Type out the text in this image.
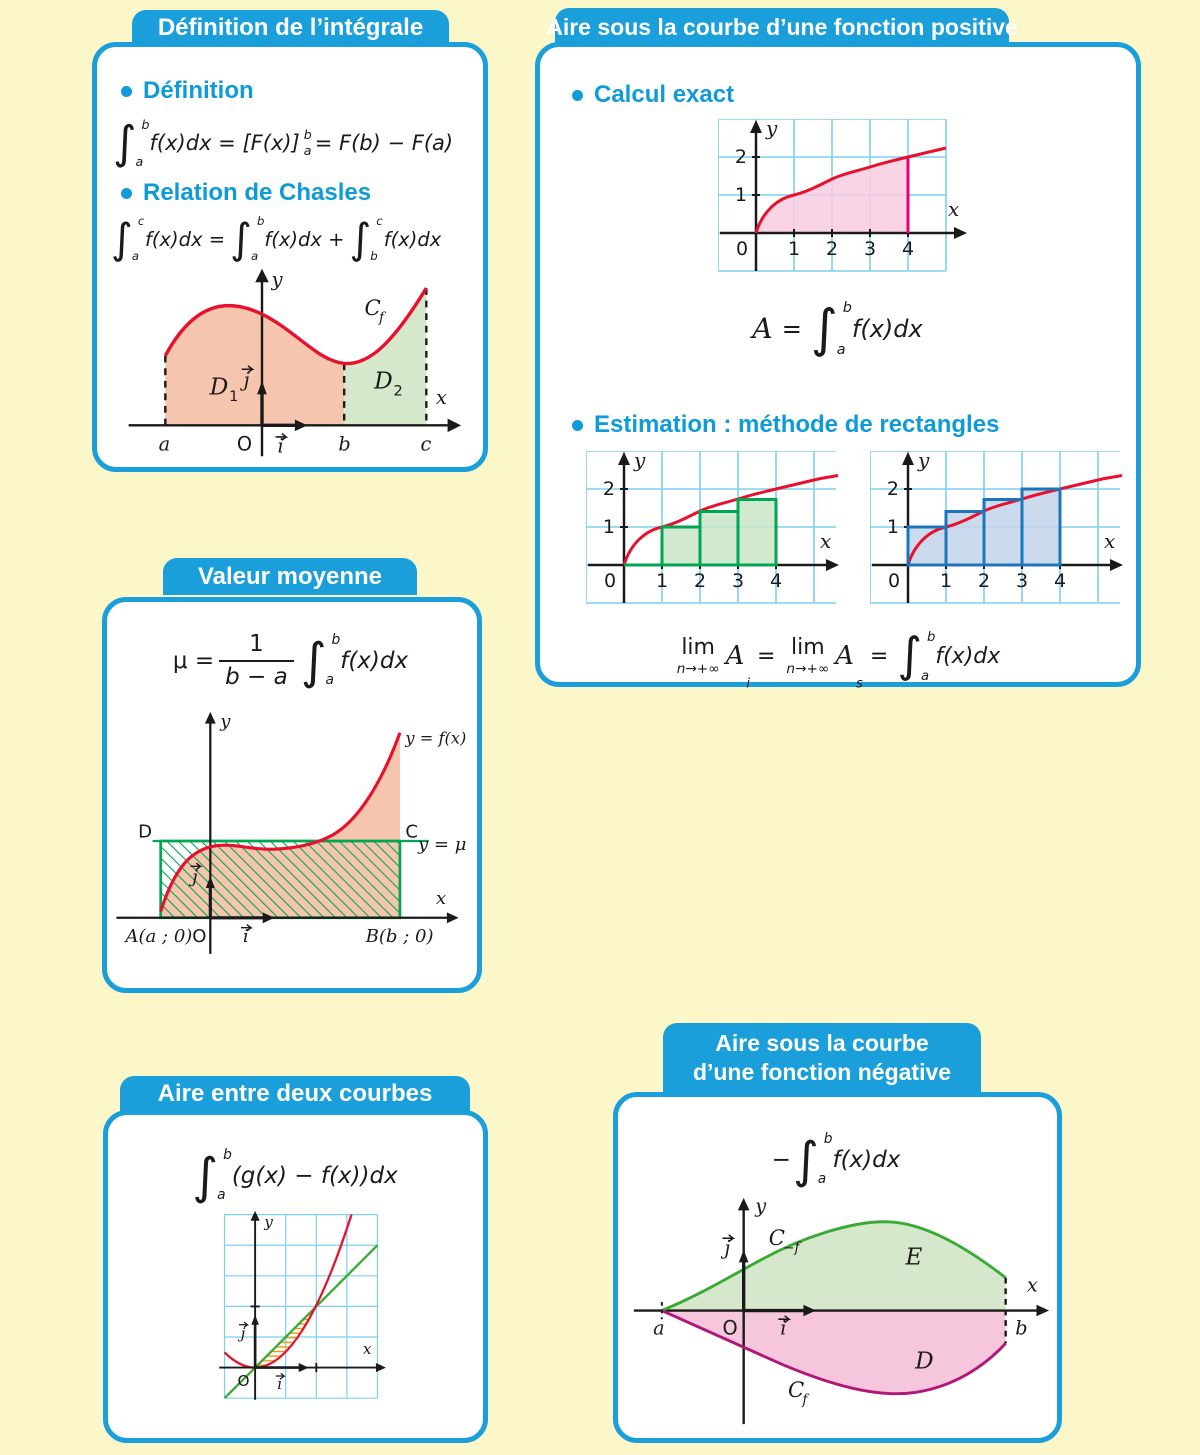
Définition de l’intégrale
Définition
∫ b
a
f(x)dx = [F(x)] b
a = F(b) − F(a)
Relation de Chasles
∫ c
a
f(x)dx = ∫ b
a
f(x)dx + ∫ c
b
f(x)dx
y
x
a	O i
j
b	c
C
f
D 1
D 2
Aire sous la courbe d’une fonction positive
Calcul exact
0 1 2 3 4
1
2
x
y
A = ∫ b
a
f(x)dx
Estimation : méthode de rectangles
0 1 2 3 4
1
2
x
y
0 1 2 3 4
1
2
x
y
lim
n→+∞ A
i
= lim
n→+∞ A
s
= ∫ b
a
f(x)dx
Valeur moyenne
$\mu = \frac{1}{b - a}$ ∫ b
a
f(x)dx
D	C
y = μ
y = f(x)
A(a ; 0) O i
j
B(b ; 0)
x
y
Aire entre deux courbes
∫ b
a
(g(x) − f(x))dx
O i
j
x
y
Aire sous la courbe
d’une fonction négative
− ∫ b
a
f(x)dx
a	O i
j
b
x
y
C
−f	E
D
C
f
